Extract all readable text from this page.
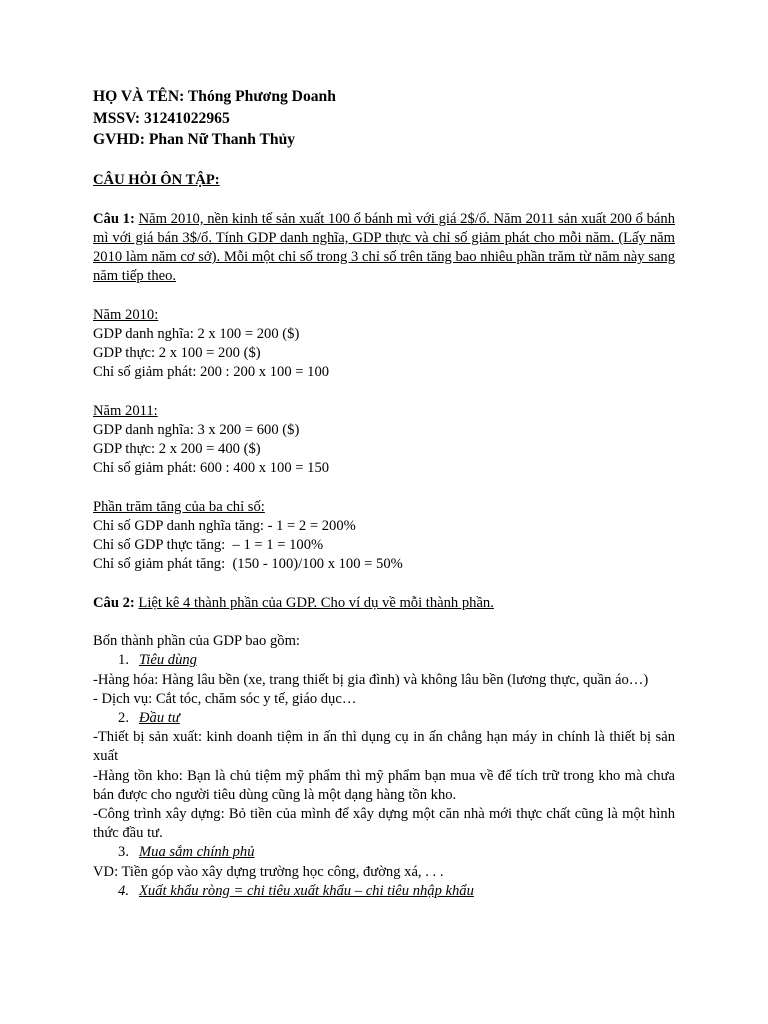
HỌ VÀ TÊN: Thóng Phương Doanh
MSSV: 31241022965
GVHD: Phan Nữ Thanh Thủy
CÂU HỎI ÔN TẬP:
Câu 1: Năm 2010, nền kinh tế sản xuất 100 ổ bánh mì với giá 2$/ổ. Năm 2011 sản xuất 200 ổ bánh mì với giá bán 3$/ổ. Tính GDP danh nghĩa, GDP thực và chỉ số giảm phát cho mỗi năm. (Lấy năm 2010 làm năm cơ sở). Mỗi một chỉ số trong 3 chỉ số trên tăng bao nhiêu phần trăm từ năm này sang năm tiếp theo.
Năm 2010:
GDP danh nghĩa: 2 x 100 = 200 ($)
GDP thực: 2 x 100 = 200 ($)
Chỉ số giảm phát: 200 : 200 x 100 = 100
Năm 2011:
GDP danh nghĩa: 3 x 200 = 600 ($)
GDP thực: 2 x 200 = 400 ($)
Chỉ số giảm phát: 600 : 400 x 100 = 150
Phần trăm tăng của ba chỉ số:
Chỉ số GDP danh nghĩa tăng: - 1 = 2 = 200%
Chỉ số GDP thực tăng:  – 1 = 1 = 100%
Chỉ số giảm phát tăng:  (150 - 100)/100 x 100 = 50%
Câu 2: Liệt kê 4 thành phần của GDP. Cho ví dụ về mỗi thành phần.
Bốn thành phần của GDP bao gồm:
1. Tiêu dùng
-Hàng hóa: Hàng lâu bền (xe, trang thiết bị gia đình) và không lâu bền (lương thực, quần áo…)
- Dịch vụ: Cắt tóc, chăm sóc y tế, giáo dục…
2. Đầu tư
-Thiết bị sản xuất: kinh doanh tiệm in ấn thì dụng cụ in ấn chẳng hạn máy in chính là thiết bị sản xuất
-Hàng tồn kho: Bạn là chủ tiệm mỹ phẩm thì mỹ phẩm bạn mua về để tích trữ trong kho mà chưa bán được cho người tiêu dùng cũng là một dạng hàng tồn kho.
-Công trình xây dựng: Bỏ tiền của mình để xây dựng một căn nhà mới thực chất cũng là một hình thức đầu tư.
3. Mua sắm chính phủ
VD: Tiền góp vào xây dựng trường học công, đường xá, . . .
4. Xuất khẩu ròng = chi tiêu xuất khẩu – chi tiêu nhập khẩu
